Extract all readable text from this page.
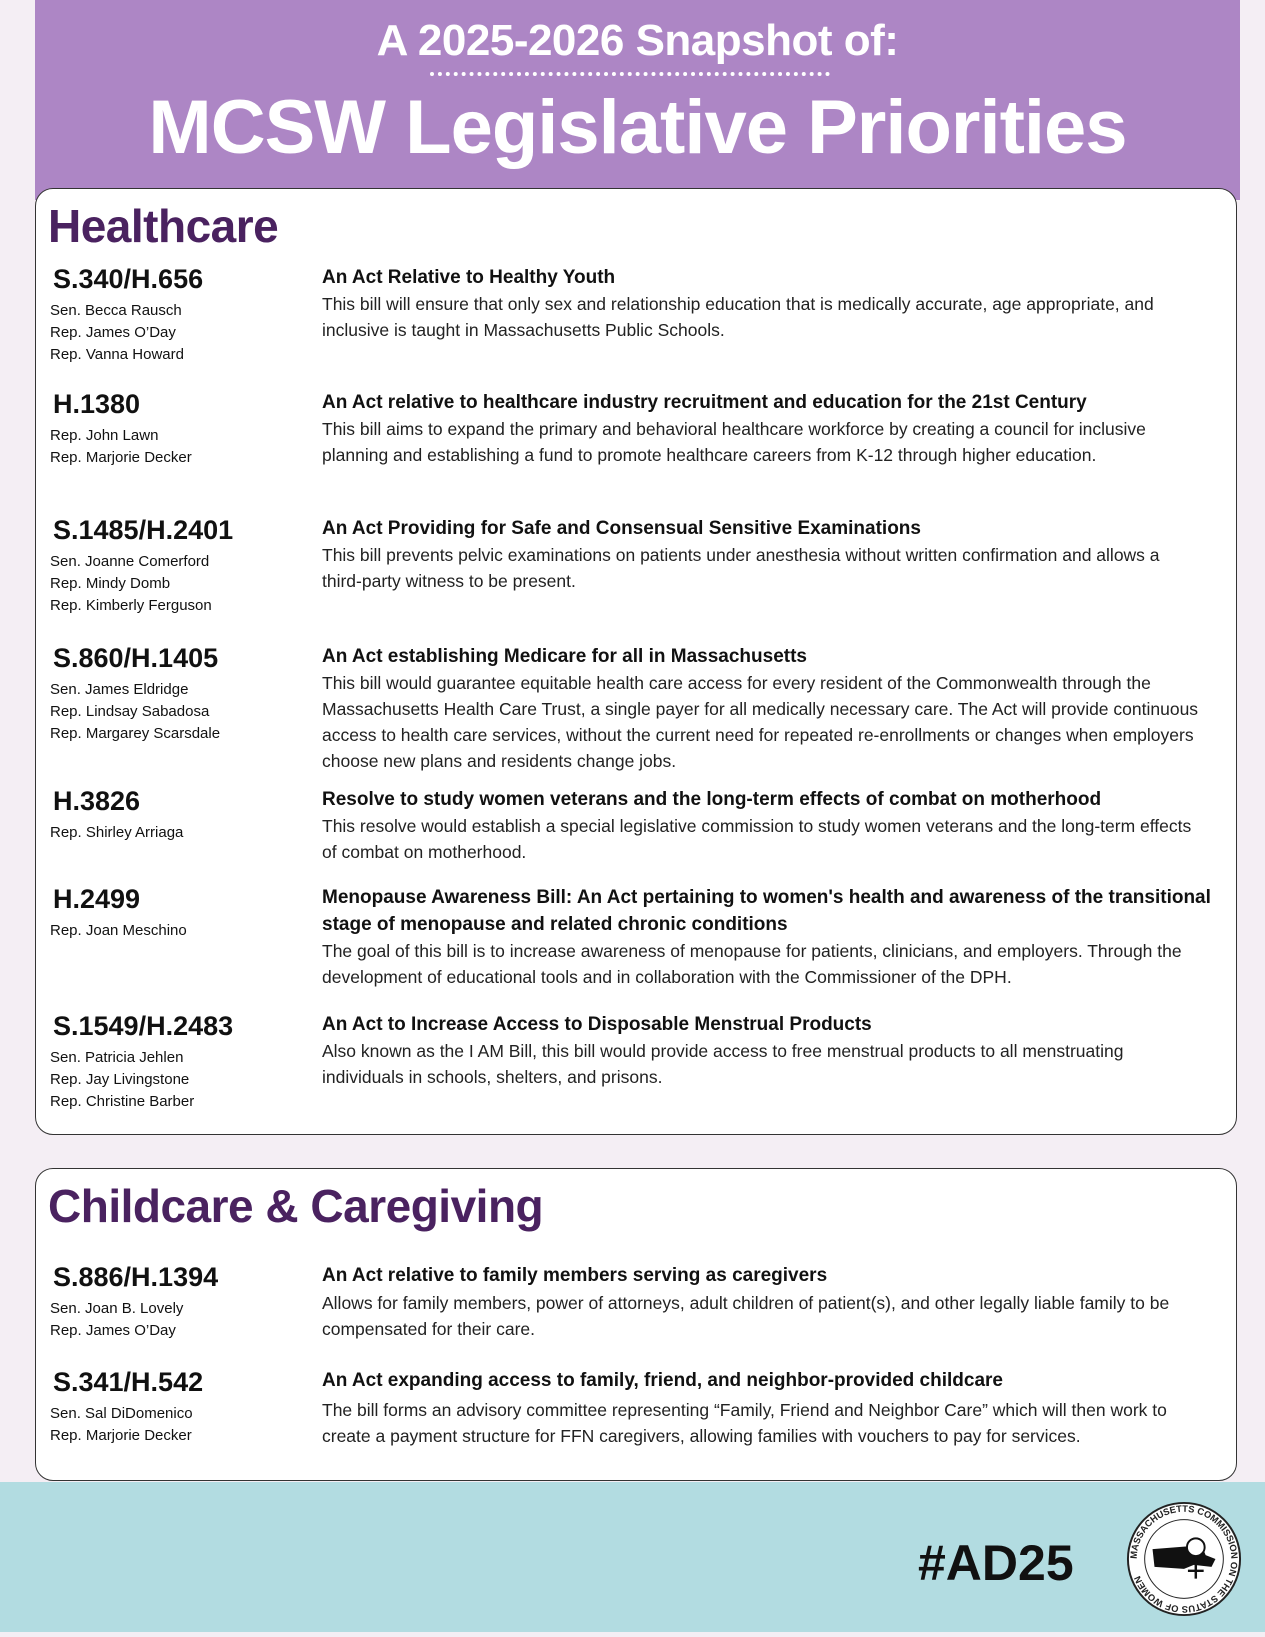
A 2025-2026 Snapshot of:
MCSW Legislative Priorities
Healthcare
S.340/H.656
Sen. Becca Rausch
Rep. James O’Day
Rep. Vanna Howard
An Act Relative to Healthy Youth
This bill will ensure that only sex and relationship education that is medically accurate, age appropriate, and inclusive is taught in Massachusetts Public Schools.
H.1380
Rep. John Lawn
Rep. Marjorie Decker
An Act relative to healthcare industry recruitment and education for the 21st Century
This bill aims to expand the primary and behavioral healthcare workforce by creating a council for inclusive planning and establishing a fund to promote healthcare careers from K-12 through higher education.
S.1485/H.2401
Sen. Joanne Comerford
Rep. Mindy Domb
Rep. Kimberly Ferguson
An Act Providing for Safe and Consensual Sensitive Examinations
This bill prevents pelvic examinations on patients under anesthesia without written confirmation and allows a third-party witness to be present.
S.860/H.1405
Sen. James Eldridge
Rep. Lindsay Sabadosa
Rep. Margarey Scarsdale
An Act establishing Medicare for all in Massachusetts
This bill would guarantee equitable health care access for every resident of the Commonwealth through the Massachusetts Health Care Trust, a single payer for all medically necessary care. The Act will provide continuous access to health care services, without the current need for repeated re-enrollments or changes when employers choose new plans and residents change jobs.
H.3826
Rep. Shirley Arriaga
Resolve to study women veterans and the long-term effects of combat on motherhood
This resolve would establish a special legislative commission to study women veterans and the long-term effects of combat on motherhood.
H.2499
Rep. Joan Meschino
Menopause Awareness Bill: An Act pertaining to women's health and awareness of the transitional stage of menopause and related chronic conditions
The goal of this bill is to increase awareness of menopause for patients, clinicians, and employers. Through the development of educational tools and in collaboration with the Commissioner of the DPH.
S.1549/H.2483
Sen. Patricia Jehlen
Rep. Jay Livingstone
Rep. Christine Barber
An Act to Increase Access to Disposable Menstrual Products
Also known as the I AM Bill, this bill would provide access to free menstrual products to all menstruating individuals in schools, shelters, and prisons.
Childcare & Caregiving
S.886/H.1394
Sen. Joan B. Lovely
Rep. James O’Day
An Act relative to family members serving as caregivers
Allows for family members, power of attorneys, adult children of patient(s), and other legally liable family to be compensated for their care.
S.341/H.542
Sen. Sal DiDomenico
Rep. Marjorie Decker
An Act expanding access to family, friend, and neighbor-provided childcare
The bill forms an advisory committee representing “Family, Friend and Neighbor Care” which will then work to create a payment structure for FFN caregivers, allowing families with vouchers to pay for services.
#AD25	MASSACHUSETTS COMMISSION ON THE STATUS OF WOMEN
